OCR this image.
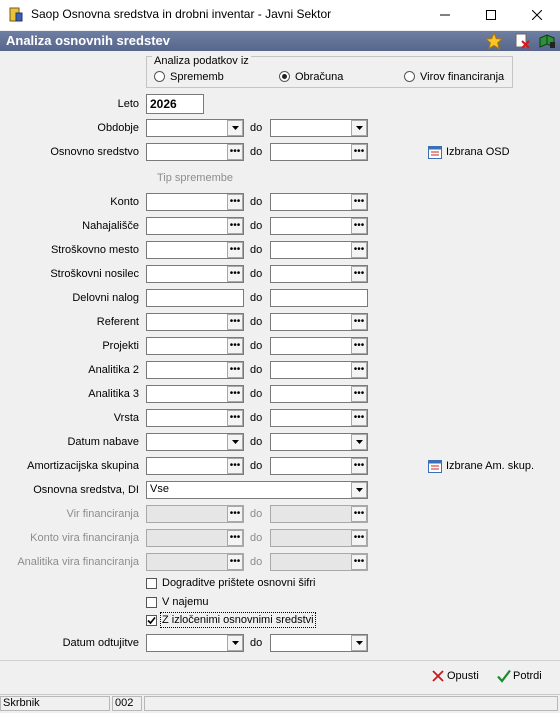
Saop Osnovna sredstva in drobni inventar - Javni Sektor
Analiza osnovnih sredstev
Analiza podatkov iz
Sprememb	Obračuna	Virov financiranja
Leto 2026
Obdobje	do
Osnovno sredstvo	••• do	•••	Izbrana OSD
Tip spremembe
Konto	••• do	•••
Nahajališče	••• do	•••
Stroškovno mesto	••• do	•••
Stroškovni nosilec	••• do	•••
Delovni nalog	do
Referent	••• do	•••
Projekti	••• do	•••
Analitika 2	••• do	•••
Analitika 3	••• do	•••
Vrsta	••• do	•••
Datum nabave	do
Amortizacijska skupina	••• do	•••	Izbrane Am. skup.
Osnovna sredstva, DI Vse
Vir financiranja	••• do	•••
Konto vira financiranja	••• do	•••
Analitika vira financiranja	••• do	•••
Dograditve prištete osnovni šifri
V najemu
Z izločenimi osnovnimi sredstvi
Datum odtujitve	do
Opusti	Potrdi
Skrbnik	002
